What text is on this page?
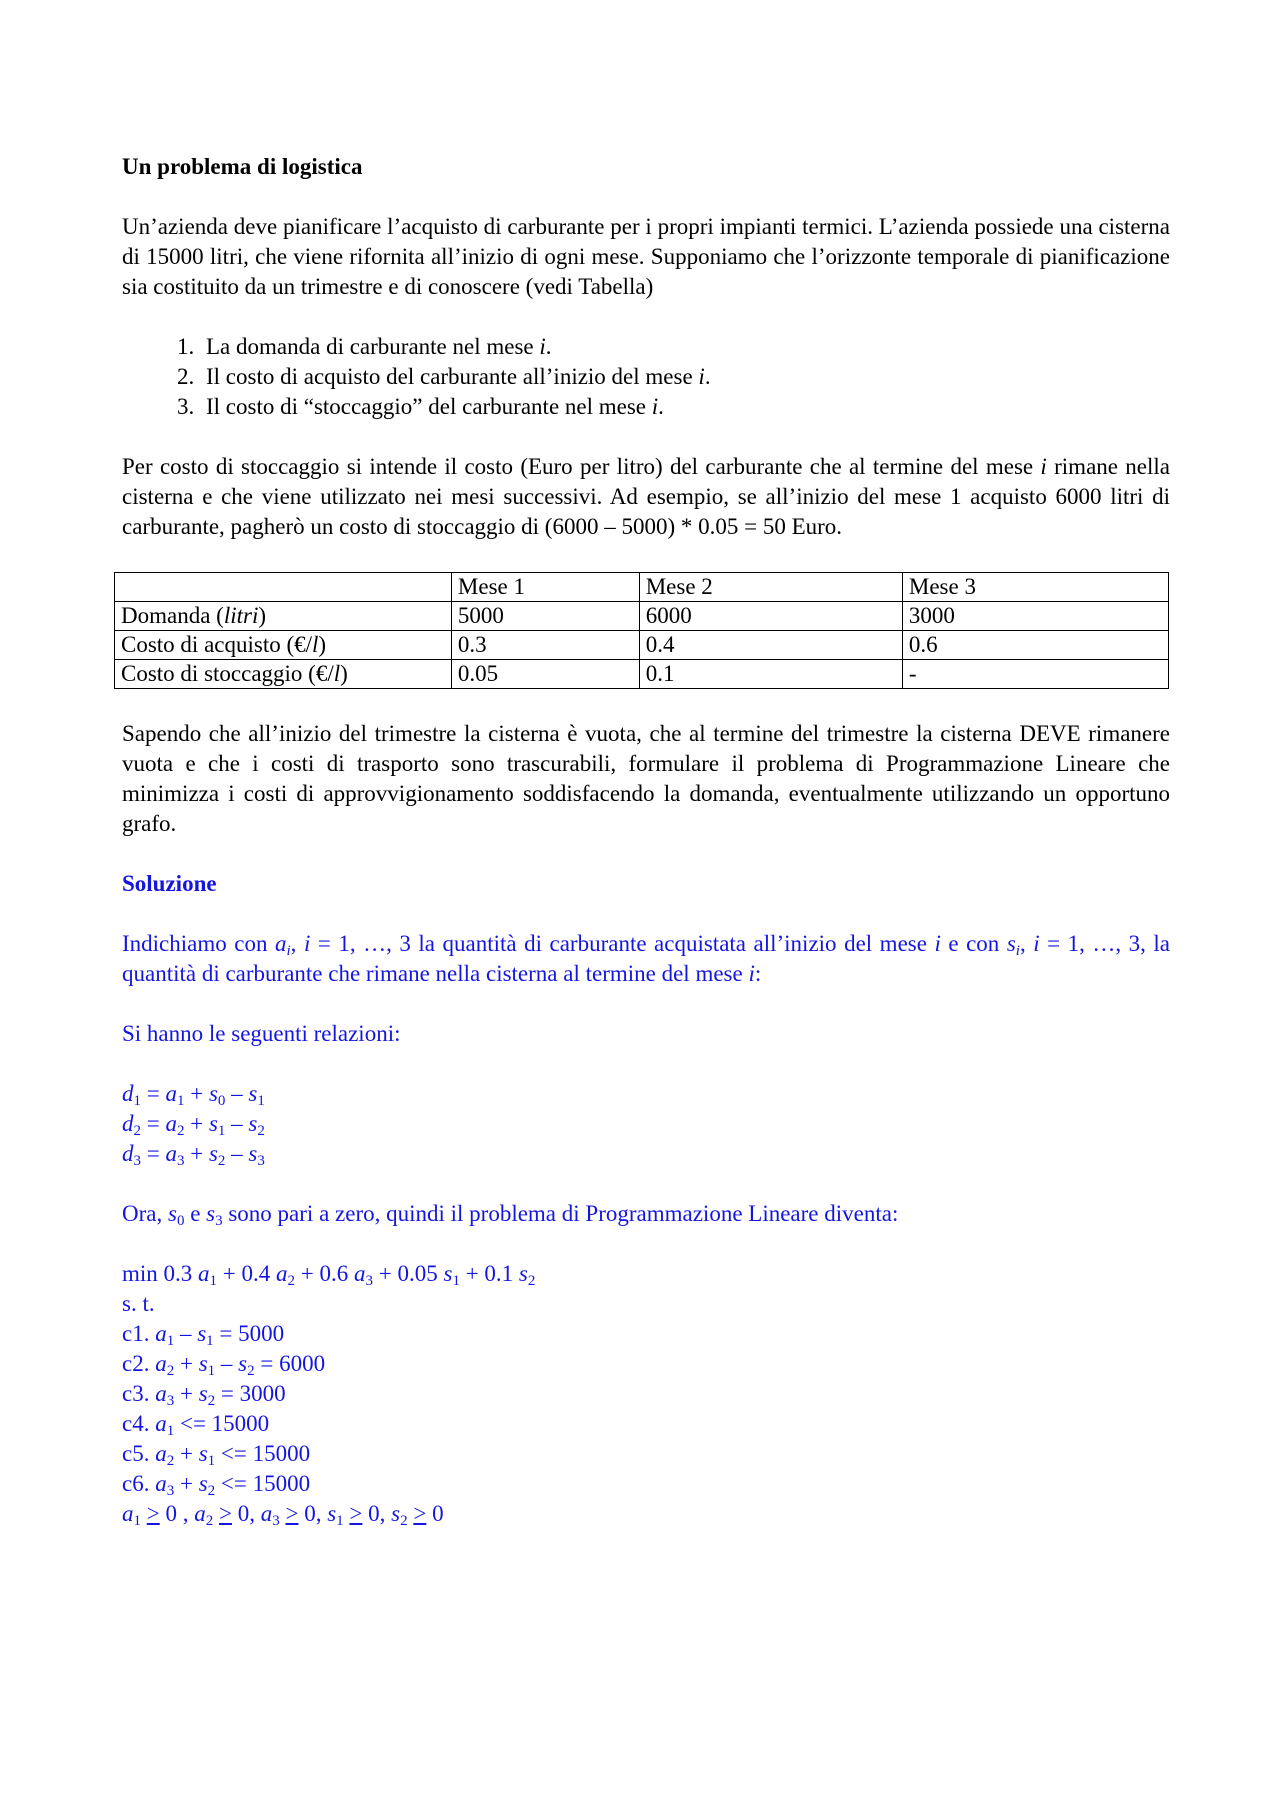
Un problema di logistica

Un’azienda deve pianificare l’acquisto di carburante per i propri impianti termici. L’azienda possiede una cisterna di 15000 litri, che viene rifornita all’inizio di ogni mese. Supponiamo che l’orizzonte temporale di pianificazione sia costituito da un trimestre e di conoscere (vedi Tabella)

1. La domanda di carburante nel mese i.
2. Il costo di acquisto del carburante all’inizio del mese i.
3. Il costo di “stoccaggio” del carburante nel mese i.

Per costo di stoccaggio si intende il costo (Euro per litro) del carburante che al termine del mese i rimane nella cisterna e che viene utilizzato nei mesi successivi. Ad esempio, se all’inizio del mese 1 acquisto 6000 litri di carburante, pagherò un costo di stoccaggio di (6000 – 5000) * 0.05 = 50 Euro.

	Mese 1	Mese 2	Mese 3
Domanda (litri)	5000	6000	3000
Costo di acquisto (€/l)	0.3	0.4	0.6
Costo di stoccaggio (€/l)	0.05	0.1	-

Sapendo che all’inizio del trimestre la cisterna è vuota, che al termine del trimestre la cisterna DEVE rimanere vuota e che i costi di trasporto sono trascurabili, formulare il problema di Programmazione Lineare che minimizza i costi di approvvigionamento soddisfacendo la domanda, eventualmente utilizzando un opportuno grafo.

Soluzione

Indichiamo con $a_i$, i = 1, …, 3 la quantità di carburante acquistata all’inizio del mese i e con $s_i$, i = 1, …, 3, la quantità di carburante che rimane nella cisterna al termine del mese i:

Si hanno le seguenti relazioni:

$d_1 = a_1 + s_0 - s_1$
$d_2 = a_2 + s_1 - s_2$
$d_3 = a_3 + s_2 - s_3$

Ora, $s_0$ e $s_3$ sono pari a zero, quindi il problema di Programmazione Lineare diventa:

min 0.3 $a_1 + 0.4$ $a_2 + 0.6$ $a_3 + 0.05$ $s_1 + 0.1$ $s_2$
s. t.
c1. $a_1 - s_1 = 5000$
c2. $a_2 + s_1 - s_2 = 6000$
c3. $a_3 + s_2 = 3000$
c4. $a_1 <= 15000$
c5. $a_2 + s_1 <= 15000$
c6. $a_3 + s_2 <= 15000$
$a_1 > 0$ , $a_2 > 0$, $a_3 > 0$, $s_1 > 0$, $s_2 > 0$
